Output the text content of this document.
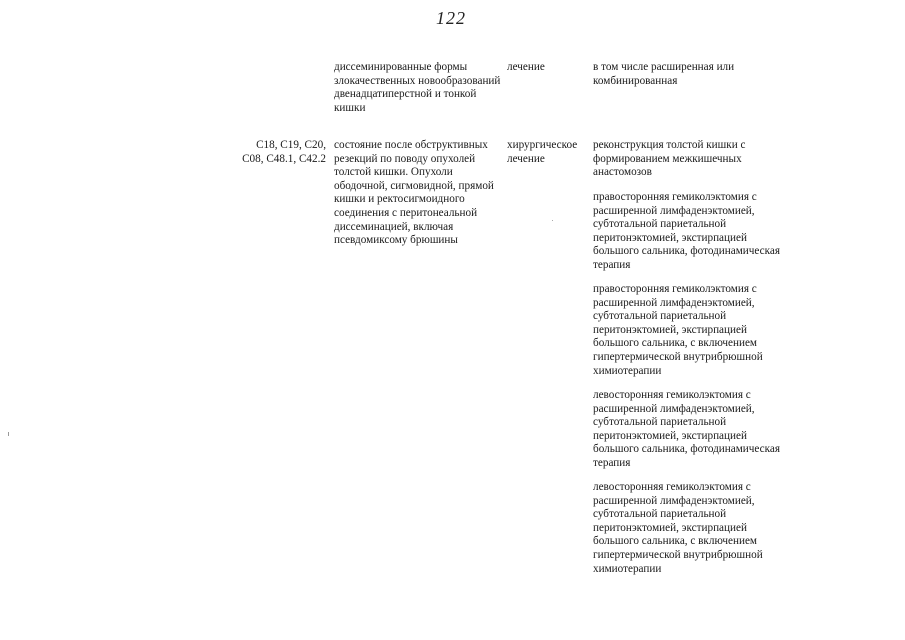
122
диссеминированные формы злокачественных новообразований двенадцатиперстной и тонкой кишки
лечение	в том числе расширенная или комбинированная
C18, C19, C20,
C08, C48.1, C42.2
состояние после обструктивных резекций по поводу опухолей толстой кишки. Опухоли ободочной, сигмовидной, прямой кишки и ректосигмоидного соединения с перитонеальной диссеминацией, включая псевдомиксому брюшины
хирургическое лечение
реконструкция толстой кишки с формированием межкишечных анастомозов
правосторонняя гемиколэктомия с расширенной лимфаденэктомией, субтотальной париетальной перитонэктомией, экстирпацией большого сальника, фотодинамическая терапия
правосторонняя гемиколэктомия с расширенной лимфаденэктомией, субтотальной париетальной перитонэктомией, экстирпацией большого сальника, с включением гипертермической внутрибрюшной химиотерапии
левосторонняя гемиколэктомия с расширенной лимфаденэктомией, субтотальной париетальной перитонэктомией, экстирпацией большого сальника, фотодинамическая терапия
левосторонняя гемиколэктомия с расширенной лимфаденэктомией, субтотальной париетальной перитонэктомией, экстирпацией большого сальника, с включением гипертермической внутрибрюшной химиотерапии
